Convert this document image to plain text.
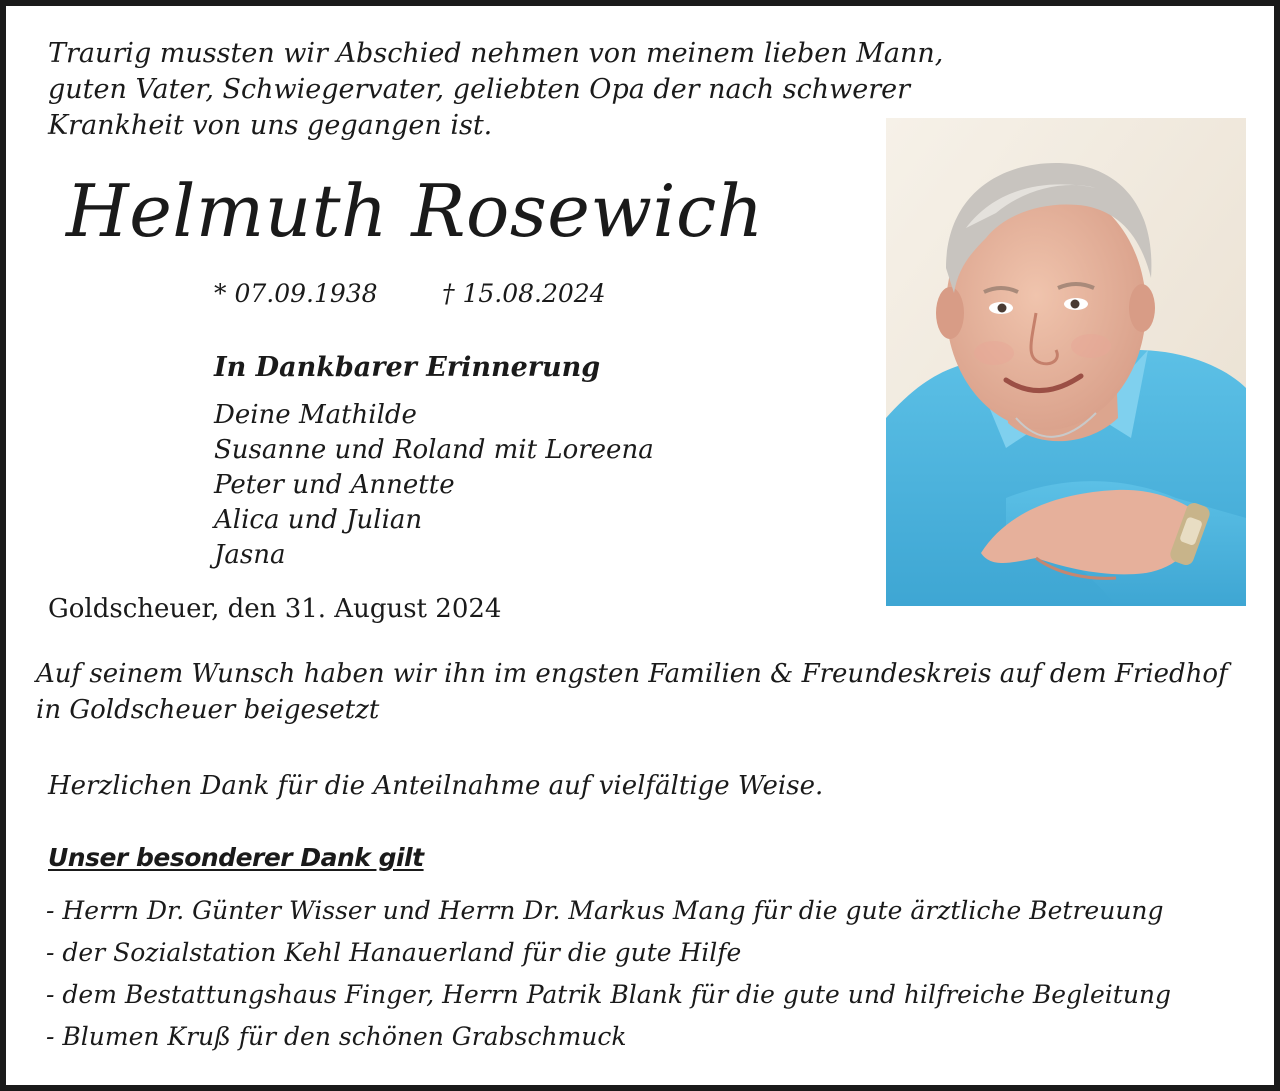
Traurig mussten wir Abschied nehmen von meinem lieben Mann,
guten Vater, Schwiegervater, geliebten Opa der nach schwerer
Krankheit von uns gegangen ist.
Helmuth Rosewich
* 07.09.1938	† 15.08.2024
In Dankbarer Erinnerung
Deine Mathilde
Susanne und Roland mit Loreena
Peter und Annette
Alica und Julian
Jasna
Goldscheuer, den 31. August 2024
Auf seinem Wunsch haben wir ihn im engsten Familien & Freundeskreis auf dem Friedhof
in Goldscheuer beigesetzt
Herzlichen Dank für die Anteilnahme auf vielfältige Weise.
Unser besonderer Dank gilt
- Herrn Dr. Günter Wisser und Herrn Dr. Markus Mang für die gute ärztliche Betreuung
- der Sozialstation Kehl Hanauerland für die gute Hilfe
- dem Bestattungshaus Finger, Herrn Patrik Blank für die gute und hilfreiche Begleitung
- Blumen Kruß für den schönen Grabschmuck
